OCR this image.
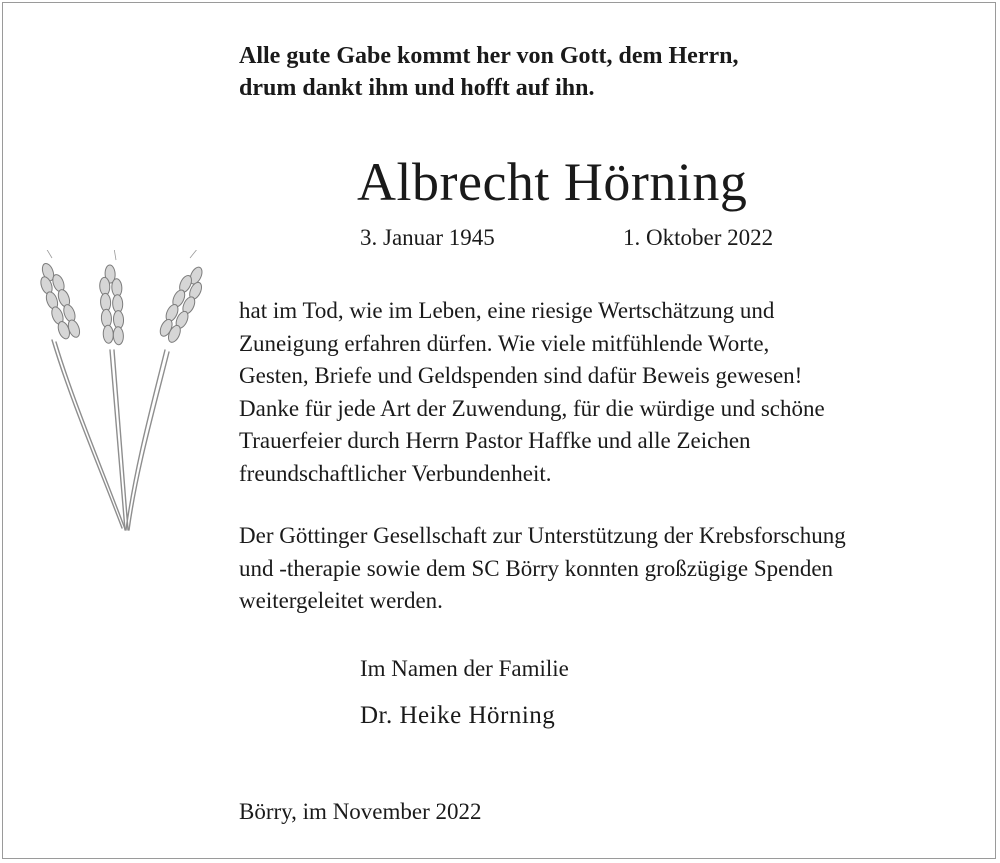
Alle gute Gabe kommt her von Gott, dem Herrn,
drum dankt ihm und hofft auf ihn.
Albrecht Hörning
3. Januar 1945	1. Oktober 2022
hat im Tod, wie im Leben, eine riesige Wertschätzung und
Zuneigung erfahren dürfen. Wie viele mitfühlende Worte,
Gesten, Briefe und Geldspenden sind dafür Beweis gewesen!
Danke für jede Art der Zuwendung, für die würdige und schöne
Trauerfeier durch Herrn Pastor Haffke und alle Zeichen
freundschaftlicher Verbundenheit.
Der Göttinger Gesellschaft zur Unterstützung der Krebsforschung
und -therapie sowie dem SC Börry konnten großzügige Spenden
weitergeleitet werden.
Im Namen der Familie
Dr. Heike Hörning
Börry, im November 2022
